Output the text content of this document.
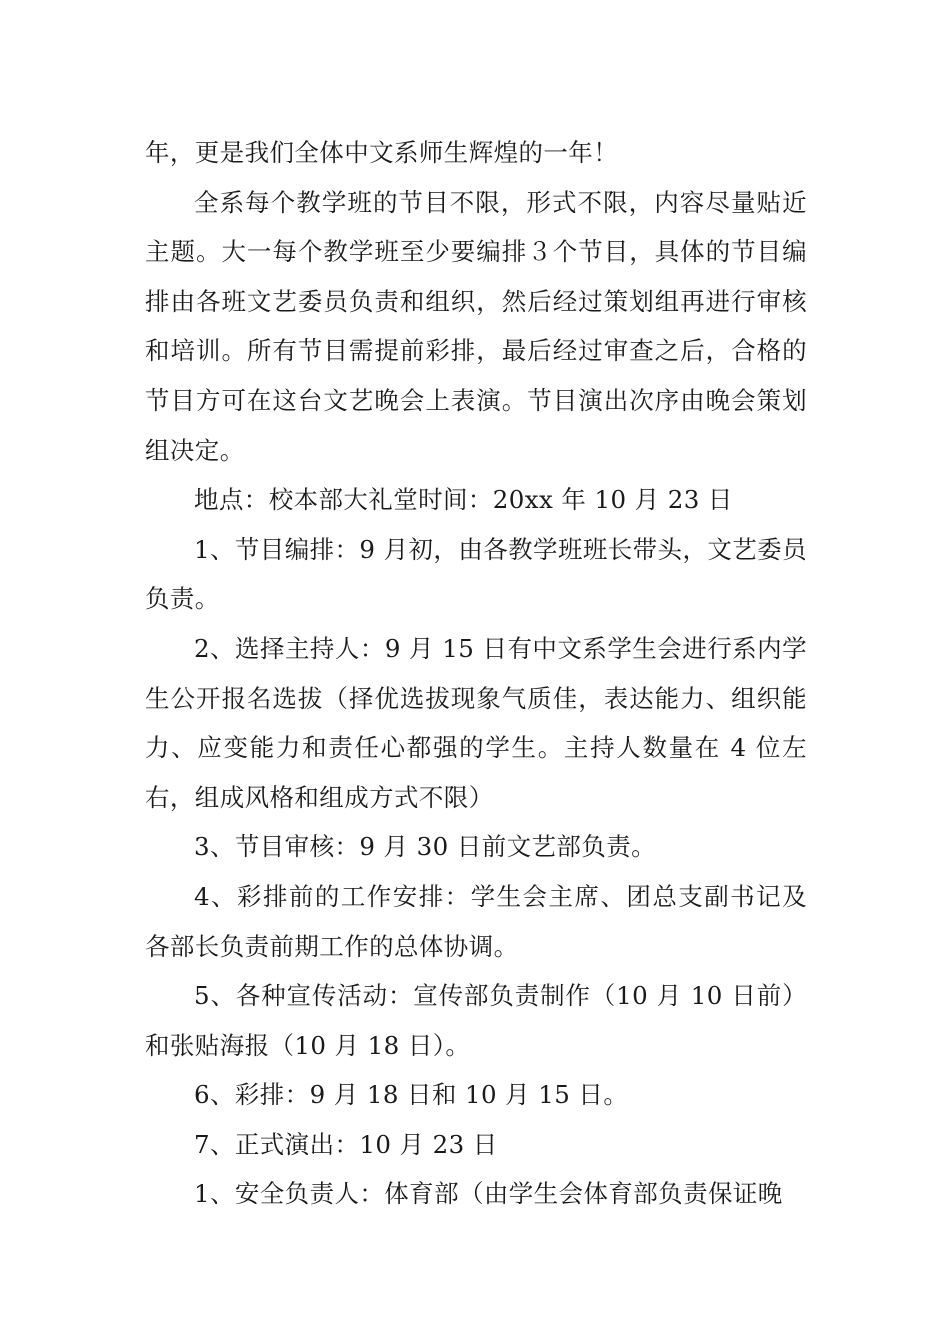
年，更是我们全体中文系师生辉煌的一年！

全系每个教学班的节目不限，形式不限，内容尽量贴近主题。大一每个教学班至少要编排３个节目，具体的节目编排由各班文艺委员负责和组织，然后经过策划组再进行审核和培训。所有节目需提前彩排，最后经过审查之后，合格的节目方可在这台文艺晚会上表演。节目演出次序由晚会策划组决定。

地点：校本部大礼堂时间：20xx 年 10 月 23 日

1、节目编排：9 月初，由各教学班班长带头，文艺委员负责。

2、选择主持人：9 月 15 日有中文系学生会进行系内学生公开报名选拔（择优选拔现象气质佳，表达能力、组织能力、应变能力和责任心都强的学生。主持人数量在 4 位左右，组成风格和组成方式不限）

3、节目审核：9 月 30 日前文艺部负责。

4、彩排前的工作安排：学生会主席、团总支副书记及各部长负责前期工作的总体协调。

5、各种宣传活动：宣传部负责制作（10 月 10 日前）和张贴海报（10 月 18 日）。

6、彩排：9 月 18 日和 10 月 15 日。

7、正式演出：10 月 23 日

1、安全负责人：体育部（由学生会体育部负责保证晚
